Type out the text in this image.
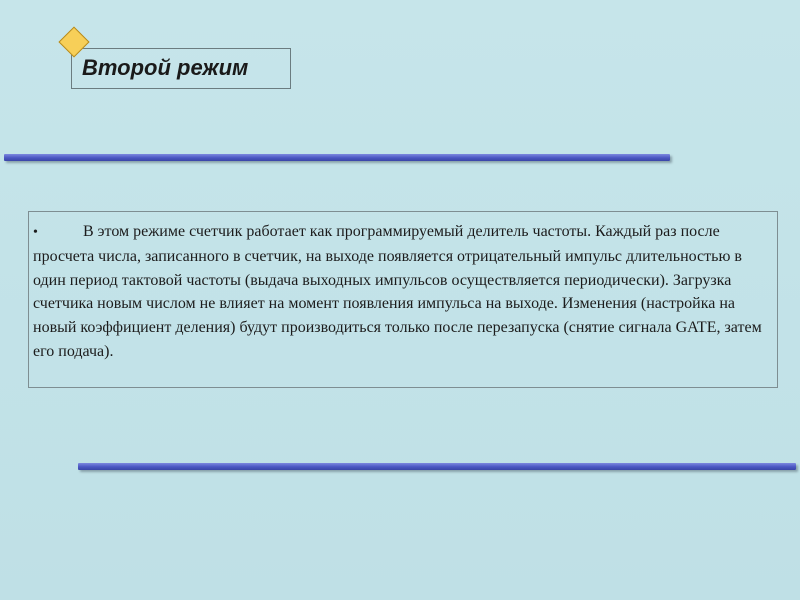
Второй режим

•	В этом режиме счетчик работает как программируемый делитель частоты. Каждый раз после просчета числа, записанного в счетчик, на выходе появляется отрицательный импульс длительностью в один период тактовой частоты (выдача выходных импульсов осуществляется периодически). Загрузка счетчика новым числом не влияет на момент появления импульса на выходе. Изменения (настройка на новый коэффициент деления) будут производиться только после перезапуска (снятие сигнала GATE, затем его подача).
